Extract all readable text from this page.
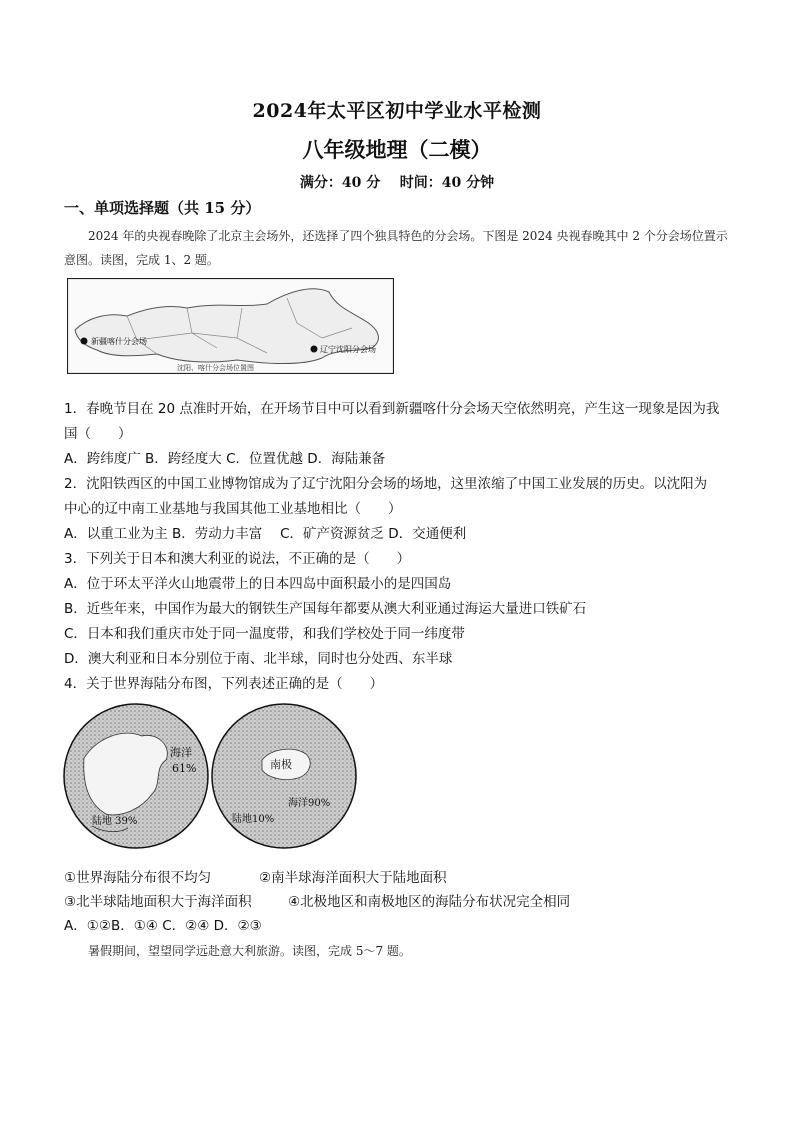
2024年太平区初中学业水平检测
八年级地理（二模）
满分：40 分 时间：40 分钟
一、单项选择题（共 15 分）
2024 年的央视春晚除了北京主会场外，还选择了四个独具特色的分会场。下图是 2024 央视春晚其中 2 个分会场位置示意图。读图，完成 1、2 题。
新疆喀什分会场
辽宁沈阳分会场
沈阳、喀什分会场位置图
1．春晚节目在 20 点准时开始，在开场节目中可以看到新疆喀什分会场天空依然明亮，产生这一现象是因为我
国（　　）
A．跨纬度广 B．跨经度大 C．位置优越 D．海陆兼备
2．沈阳铁西区的中国工业博物馆成为了辽宁沈阳分会场的场地，这里浓缩了中国工业发展的历史。以沈阳为
中心的辽中南工业基地与我国其他工业基地相比（　　）
A．以重工业为主 B．劳动力丰富　 C．矿产资源贫乏 D．交通便利
3．下列关于日本和澳大利亚的说法，不正确的是（　　）
A．位于环太平洋火山地震带上的日本四岛中面积最小的是四国岛
B．近些年来，中国作为最大的钢铁生产国每年都要从澳大利亚通过海运大量进口铁矿石
C．日本和我们重庆市处于同一温度带，和我们学校处于同一纬度带
D．澳大利亚和日本分别位于南、北半球，同时也分处西、东半球
4．关于世界海陆分布图，下列表述正确的是（　　）
海洋
61%
陆地 39%
南极
海洋90%
陆地10%
①世界海陆分布很不均匀	②南半球海洋面积大于陆地面积
③北半球陆地面积大于海洋面积	④北极地区和南极地区的海陆分布状况完全相同
A．①②B．①④ C．②④ D．②③
暑假期间，望望同学远赴意大利旅游。读图，完成 5～7 题。
